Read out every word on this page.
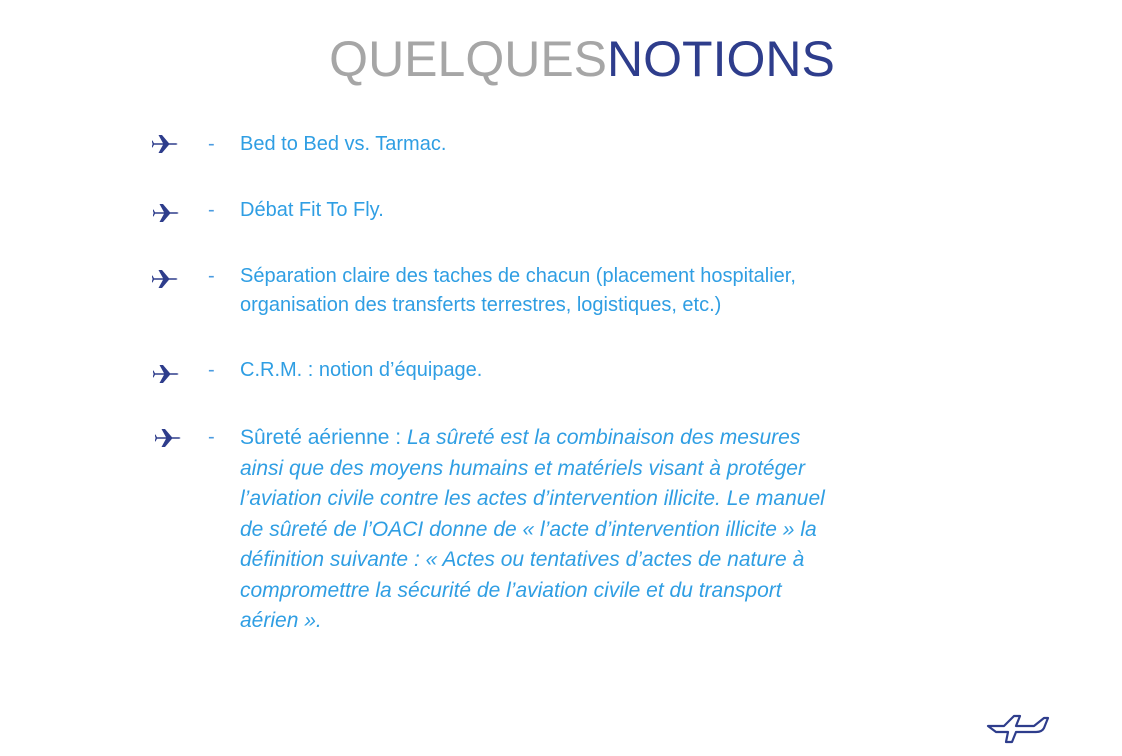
QUELQUESNOTIONS
- Bed to Bed vs. Tarmac.
- Débat Fit To Fly.
- Séparation claire des taches de chacun (placement hospitalier,
organisation des transferts terrestres, logistiques, etc.)
- C.R.M. : notion d’équipage.
- Sûreté aérienne : La sûreté est la combinaison des mesures
ainsi que des moyens humains et matériels visant à protéger
l’aviation civile contre les actes d’intervention illicite. Le manuel
de sûreté de l’OACI donne de « l’acte d’intervention illicite » la
définition suivante : « Actes ou tentatives d’actes de nature à
compromettre la sécurité de l’aviation civile et du transport
aérien ».
